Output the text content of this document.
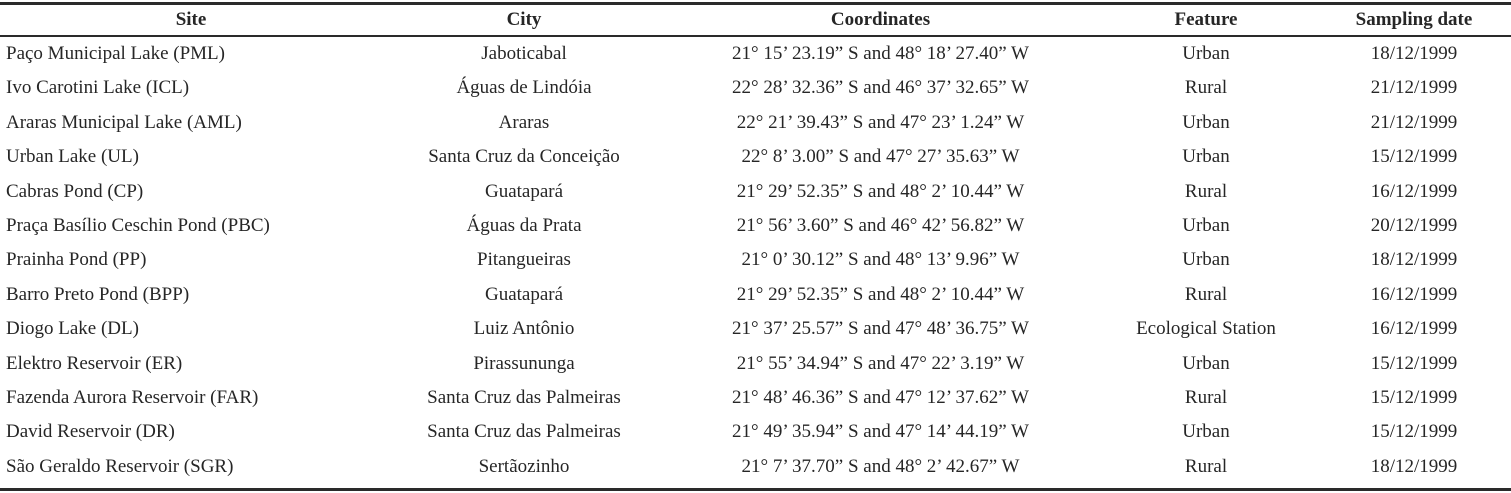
Site	City	Coordinates	Feature	Sampling date
Paço Municipal Lake (PML)	Jaboticabal	21° 15’ 23.19” S and 48° 18’ 27.40” W	Urban	18/12/1999
Ivo Carotini Lake (ICL)	Águas de Lindóia	22° 28’ 32.36” S and 46° 37’ 32.65” W	Rural	21/12/1999
Araras Municipal Lake (AML)	Araras	22° 21’ 39.43” S and 47° 23’ 1.24” W	Urban	21/12/1999
Urban Lake (UL)	Santa Cruz da Conceição	22° 8’ 3.00” S and 47° 27’ 35.63” W	Urban	15/12/1999
Cabras Pond (CP)	Guatapará	21° 29’ 52.35” S and 48° 2’ 10.44” W	Rural	16/12/1999
Praça Basílio Ceschin Pond (PBC)	Águas da Prata	21° 56’ 3.60” S and 46° 42’ 56.82” W	Urban	20/12/1999
Prainha Pond (PP)	Pitangueiras	21° 0’ 30.12” S and 48° 13’ 9.96” W	Urban	18/12/1999
Barro Preto Pond (BPP)	Guatapará	21° 29’ 52.35” S and 48° 2’ 10.44” W	Rural	16/12/1999
Diogo Lake (DL)	Luiz Antônio	21° 37’ 25.57” S and 47° 48’ 36.75” W	Ecological Station	16/12/1999
Elektro Reservoir (ER)	Pirassununga	21° 55’ 34.94” S and 47° 22’ 3.19” W	Urban	15/12/1999
Fazenda Aurora Reservoir (FAR)	Santa Cruz das Palmeiras	21° 48’ 46.36” S and 47° 12’ 37.62” W	Rural	15/12/1999
David Reservoir (DR)	Santa Cruz das Palmeiras	21° 49’ 35.94” S and 47° 14’ 44.19” W	Urban	15/12/1999
São Geraldo Reservoir (SGR)	Sertãozinho	21° 7’ 37.70” S and 48° 2’ 42.67” W	Rural	18/12/1999
